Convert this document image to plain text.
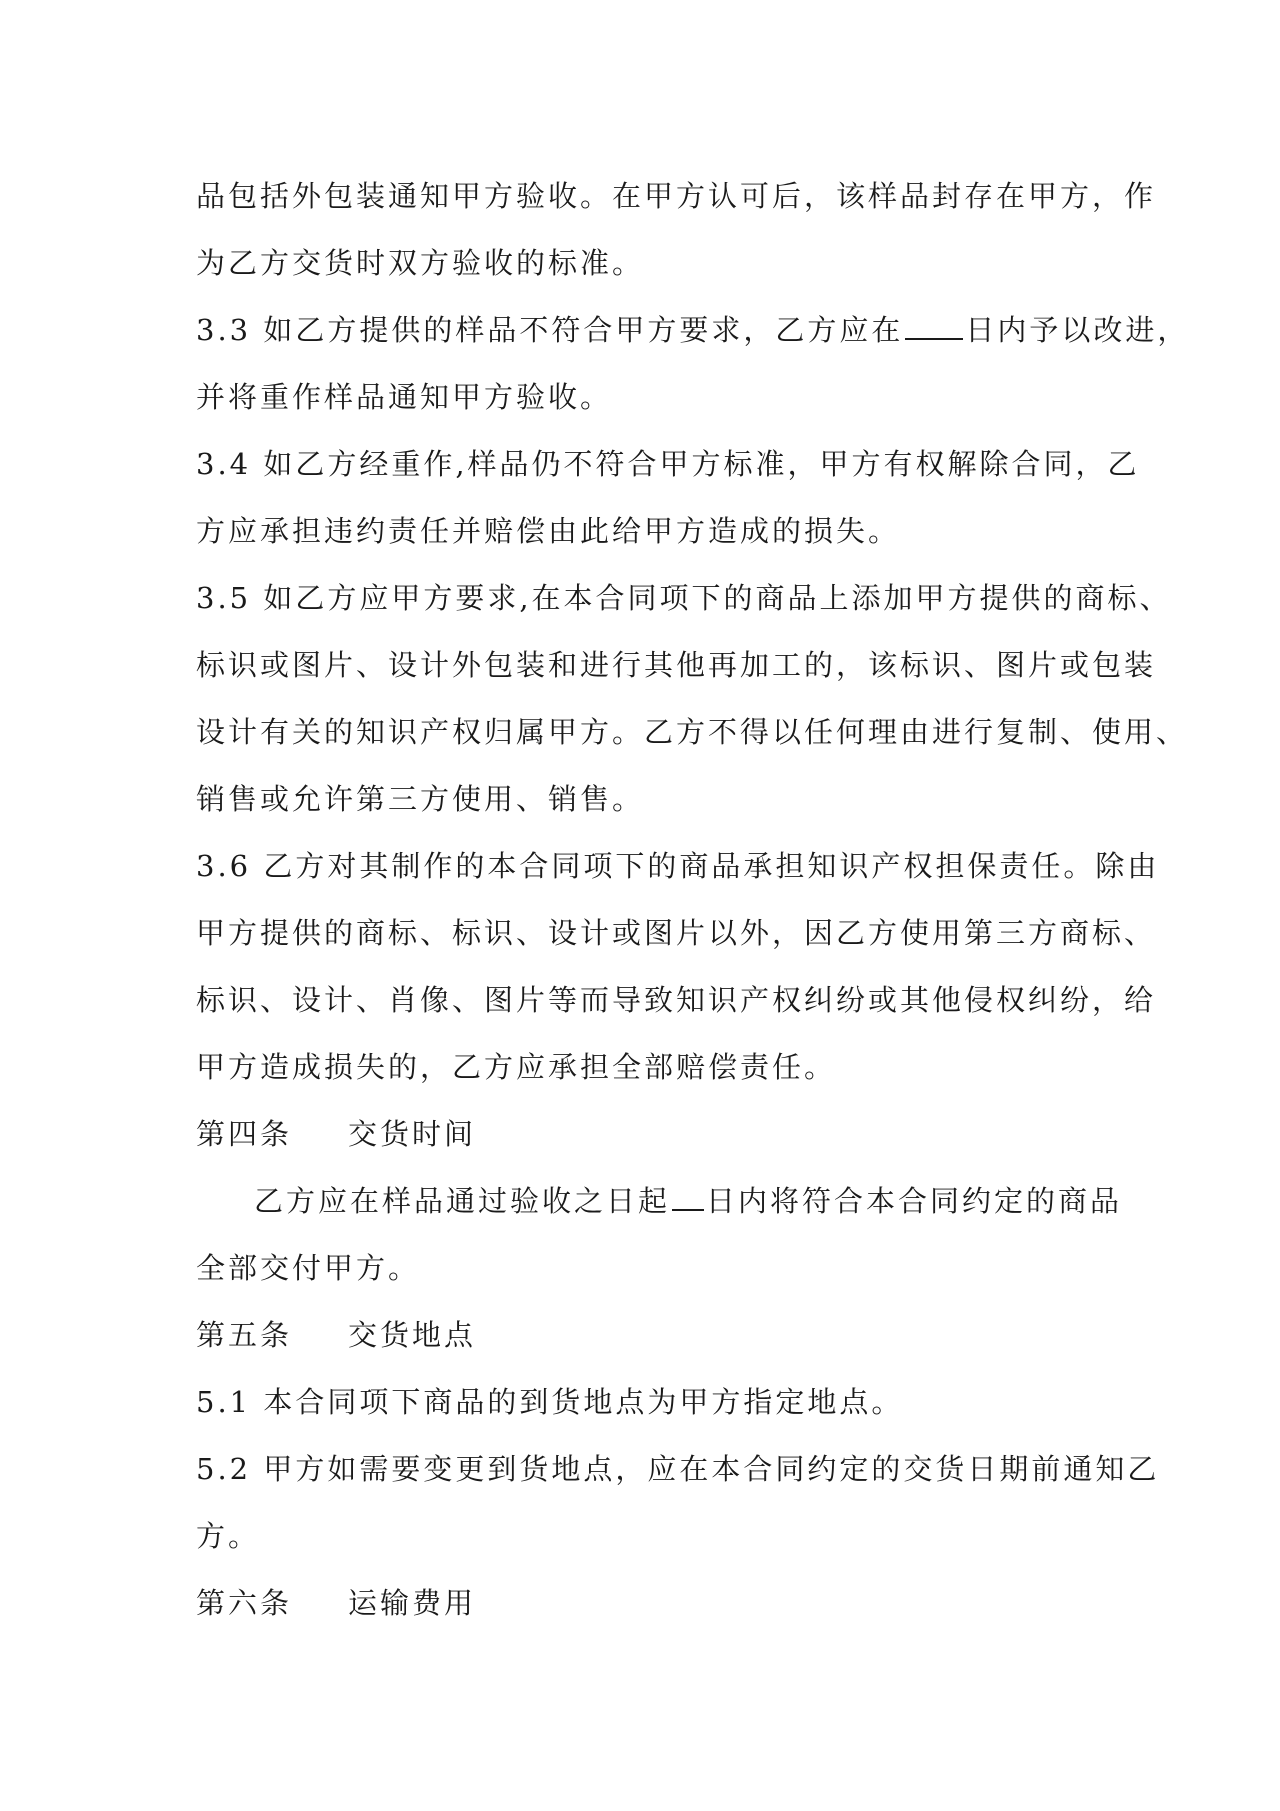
品包括外包装通知甲方验收。在甲方认可后，该样品封存在甲方，作
为乙方交货时双方验收的标准。
3.3 如乙方提供的样品不符合甲方要求，乙方应在 日内予以改进，
并将重作样品通知甲方验收。
3.4 如乙方经重作,样品仍不符合甲方标准，甲方有权解除合同，乙
方应承担违约责任并赔偿由此给甲方造成的损失。
3.5 如乙方应甲方要求,在本合同项下的商品上添加甲方提供的商标、
标识或图片、设计外包装和进行其他再加工的，该标识、图片或包装
设计有关的知识产权归属甲方。乙方不得以任何理由进行复制、使用、
销售或允许第三方使用、销售。
3.6 乙方对其制作的本合同项下的商品承担知识产权担保责任。除由
甲方提供的商标、标识、设计或图片以外，因乙方使用第三方商标、
标识、设计、肖像、图片等而导致知识产权纠纷或其他侵权纠纷，给
甲方造成损失的，乙方应承担全部赔偿责任。
第四条 交货时间
乙方应在样品通过验收之日起 日内将符合本合同约定的商品
全部交付甲方。
第五条 交货地点
5.1 本合同项下商品的到货地点为甲方指定地点。
5.2 甲方如需要变更到货地点，应在本合同约定的交货日期前通知乙
方。
第六条 运输费用
